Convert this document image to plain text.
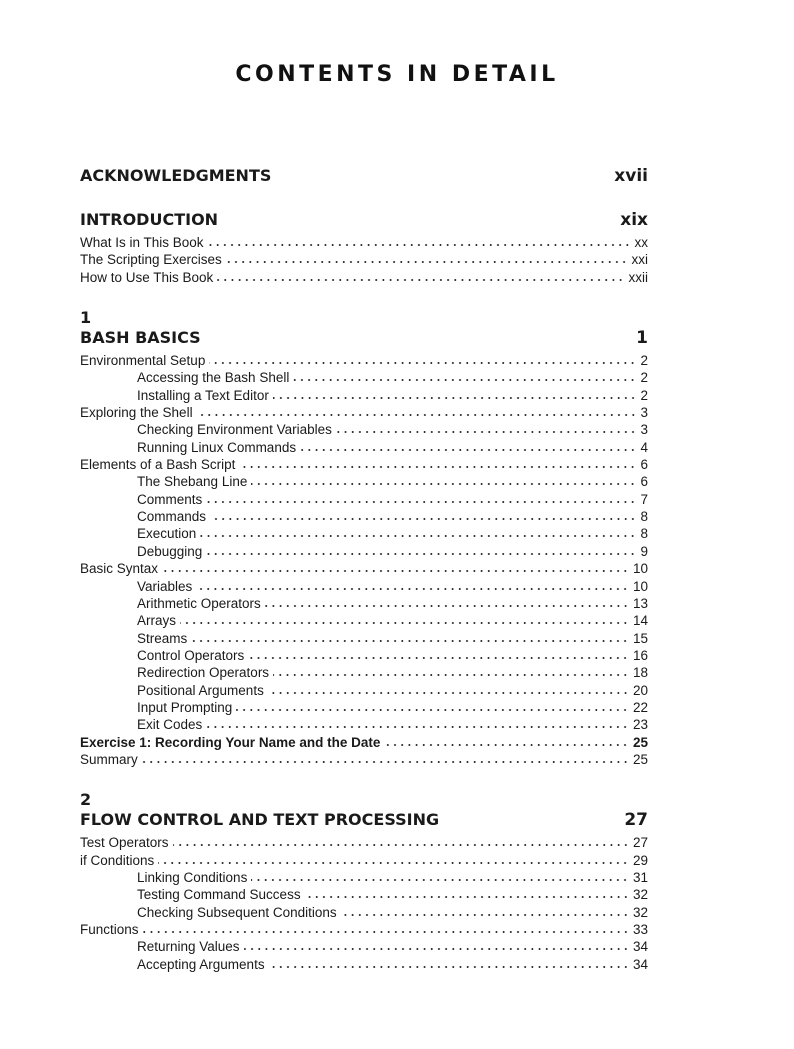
CONTENTS IN DETAIL
ACKNOWLEDGMENTS	xvii
INTRODUCTION	xix
What Is in This Book	xx
The Scripting Exercises	xxi
How to Use This Book	xxii
1
BASH BASICS	1
Environmental Setup	2
Accessing the Bash Shell	2
Installing a Text Editor	2
Exploring the Shell	3
Checking Environment Variables	3
Running Linux Commands	4
Elements of a Bash Script	6
The Shebang Line	6
Comments	7
Commands	8
Execution	8
Debugging	9
Basic Syntax	10
Variables	10
Arithmetic Operators	13
Arrays	14
Streams	15
Control Operators	16
Redirection Operators	18
Positional Arguments	20
Input Prompting	22
Exit Codes	23
Exercise 1: Recording Your Name and the Date	25
Summary	25
2
FLOW CONTROL AND TEXT PROCESSING	27
Test Operators	27
if Conditions	29
Linking Conditions	31
Testing Command Success	32
Checking Subsequent Conditions	32
Functions	33
Returning Values	34
Accepting Arguments	34
